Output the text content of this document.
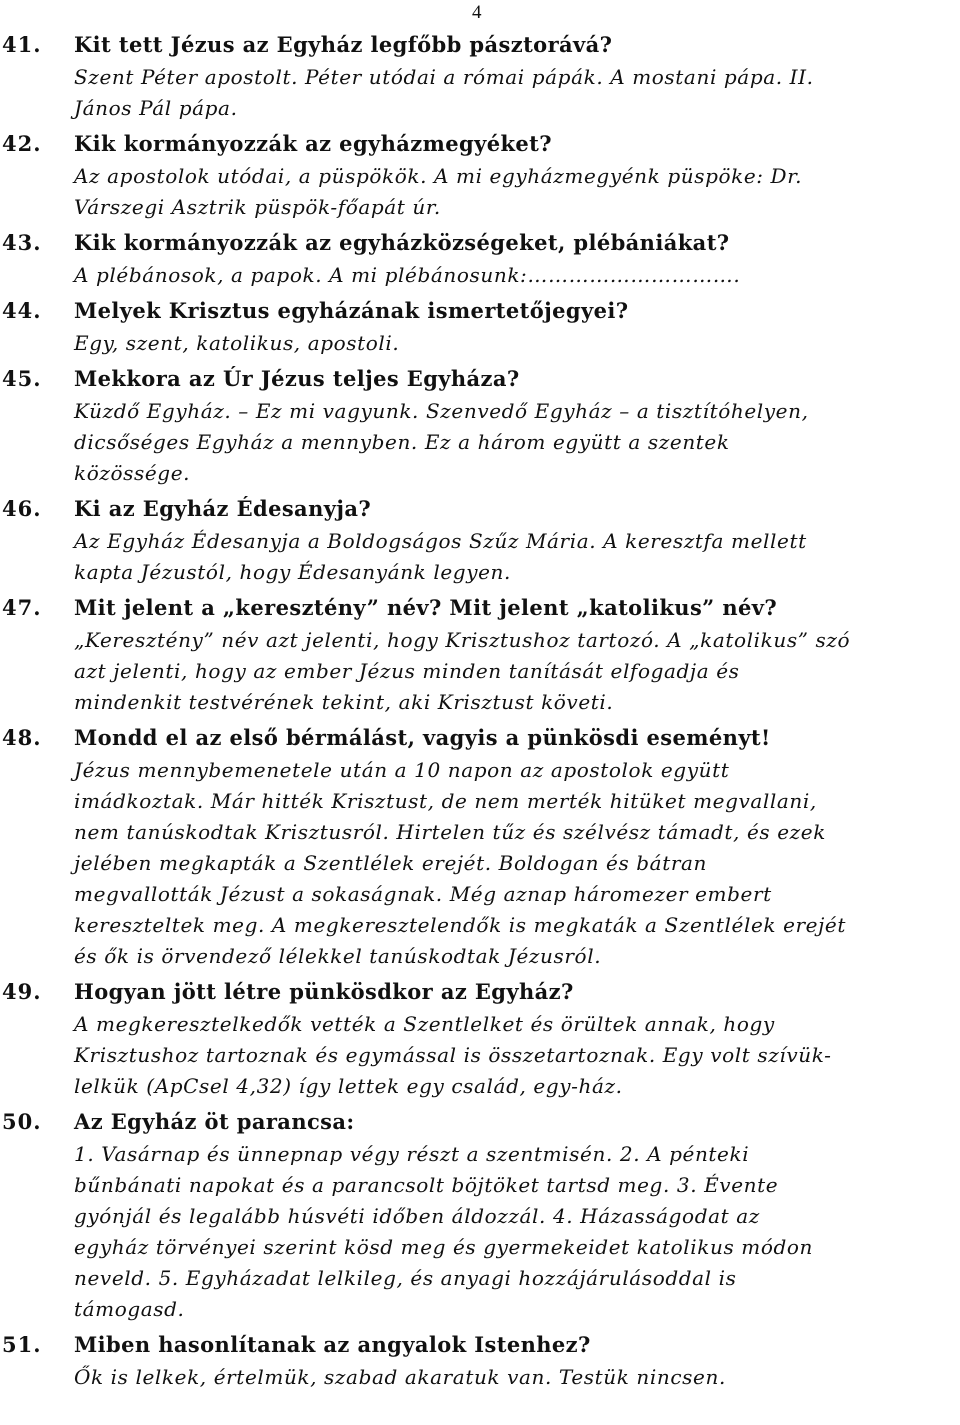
4
41. Kit tett Jézus az Egyház legfőbb pásztorává?
Szent Péter apostolt. Péter utódai a római pápák. A mostani pápa. II.
János Pál pápa.
42. Kik kormányozzák az egyházmegyéket?
Az apostolok utódai, a püspökök. A mi egyházmegyénk püspöke: Dr.
Várszegi Asztrik püspök-főapát úr.
43. Kik kormányozzák az egyházközségeket, plébániákat?
A plébánosok, a papok. A mi plébánosunk:………………………….
44. Melyek Krisztus egyházának ismertetőjegyei?
Egy, szent, katolikus, apostoli.
45. Mekkora az Úr Jézus teljes Egyháza?
Küzdő Egyház. – Ez mi vagyunk. Szenvedő Egyház – a tisztítóhelyen,
dicsőséges Egyház a mennyben. Ez a három együtt a szentek
közössége.
46. Ki az Egyház Édesanyja?
Az Egyház Édesanyja a Boldogságos Szűz Mária. A keresztfa mellett
kapta Jézustól, hogy Édesanyánk legyen.
47. Mit jelent a „keresztény” név? Mit jelent „katolikus” név?
„Keresztény” név azt jelenti, hogy Krisztushoz tartozó. A „katolikus” szó
azt jelenti, hogy az ember Jézus minden tanítását elfogadja és
mindenkit testvérének tekint, aki Krisztust követi.
48. Mondd el az első bérmálást, vagyis a pünkösdi eseményt!
Jézus mennybemenetele után a 10 napon az apostolok együtt
imádkoztak. Már hitték Krisztust, de nem merték hitüket megvallani,
nem tanúskodtak Krisztusról. Hirtelen tűz és szélvész támadt, és ezek
jelében megkapták a Szentlélek erejét. Boldogan és bátran
megvallották Jézust a sokaságnak. Még aznap háromezer embert
kereszteltek meg. A megkeresztelendők is megkaták a Szentlélek erejét
és ők is örvendező lélekkel tanúskodtak Jézusról.
49. Hogyan jött létre pünkösdkor az Egyház?
A megkeresztelkedők vették a Szentlelket és örültek annak, hogy
Krisztushoz tartoznak és egymással is összetartoznak. Egy volt szívük-
lelkük (ApCsel 4,32) így lettek egy család, egy-ház.
50. Az Egyház öt parancsa:
1. Vasárnap és ünnepnap végy részt a szentmisén. 2. A pénteki
bűnbánati napokat és a parancsolt böjtöket tartsd meg. 3. Évente
gyónjál és legalább húsvéti időben áldozzál. 4. Házasságodat az
egyház törvényei szerint kösd meg és gyermekeidet katolikus módon
neveld. 5. Egyházadat lelkileg, és anyagi hozzájárulásoddal is
támogasd.
51. Miben hasonlítanak az angyalok Istenhez?
Ők is lelkek, értelmük, szabad akaratuk van. Testük nincsen.
